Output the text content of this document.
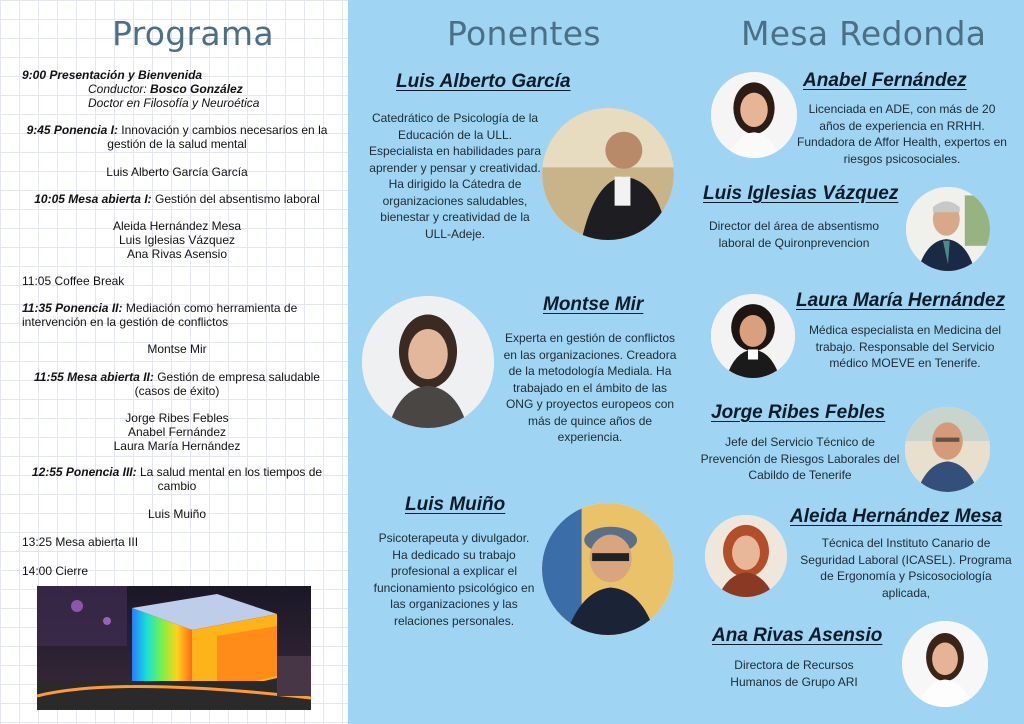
Programa
9:00 Presentación y Bienvenida
Conductor: Bosco González
Doctor en Filosofía y Neuroética
9:45 Ponencia I: Innovación y cambios necesarios en la gestión de la salud mental
Luis Alberto García García
10:05 Mesa abierta I: Gestión del absentismo laboral
Aleida Hernández Mesa
Luis Iglesias Vázquez
Ana Rivas Asensio
11:05 Coffee Break
11:35 Ponencia II: Mediación como herramienta de intervención en la gestión de conflictos
Montse Mir
11:55 Mesa abierta II: Gestión de empresa saludable (casos de éxito)
Jorge Ribes Febles
Anabel Fernández
Laura María Hernández
12:55 Ponencia III: La salud mental en los tiempos de cambio
Luis Muiño
13:25 Mesa abierta III
14:00 Cierre
Ponentes	Mesa Redonda
Luis Alberto García
Catedrático de Psicología de la Educación de la ULL. Especialista en habilidades para aprender y pensar y creatividad. Ha dirigido la Cátedra de organizaciones saludables, bienestar y creatividad de la ULL-Adeje.
Montse Mir
Experta en gestión de conflictos en las organizaciones. Creadora de la metodología Mediala. Ha trabajado en el ámbito de las ONG y proyectos europeos con más de quince años de experiencia.
Luis Muiño
Psicoterapeuta y divulgador. Ha dedicado su trabajo profesional a explicar el funcionamiento psicológico en las organizaciones y las relaciones personales.
Anabel Fernández
Licenciada en ADE, con más de 20 años de experiencia en RRHH. Fundadora de Affor Health, expertos en riesgos psicosociales.
Luis Iglesias Vázquez
Director del área de absentismo laboral de Quironprevencion
Laura María Hernández
Médica especialista en Medicina del trabajo. Responsable del Servicio médico MOEVE en Tenerife.
Jorge Ribes Febles
Jefe del Servicio Técnico de Prevención de Riesgos Laborales del Cabildo de Tenerife
Aleida Hernández Mesa
Técnica del Instituto Canario de Seguridad Laboral (ICASEL). Programa de Ergonomía y Psicosociología aplicada,
Ana Rivas Asensio
Directora de Recursos Humanos de Grupo ARI
